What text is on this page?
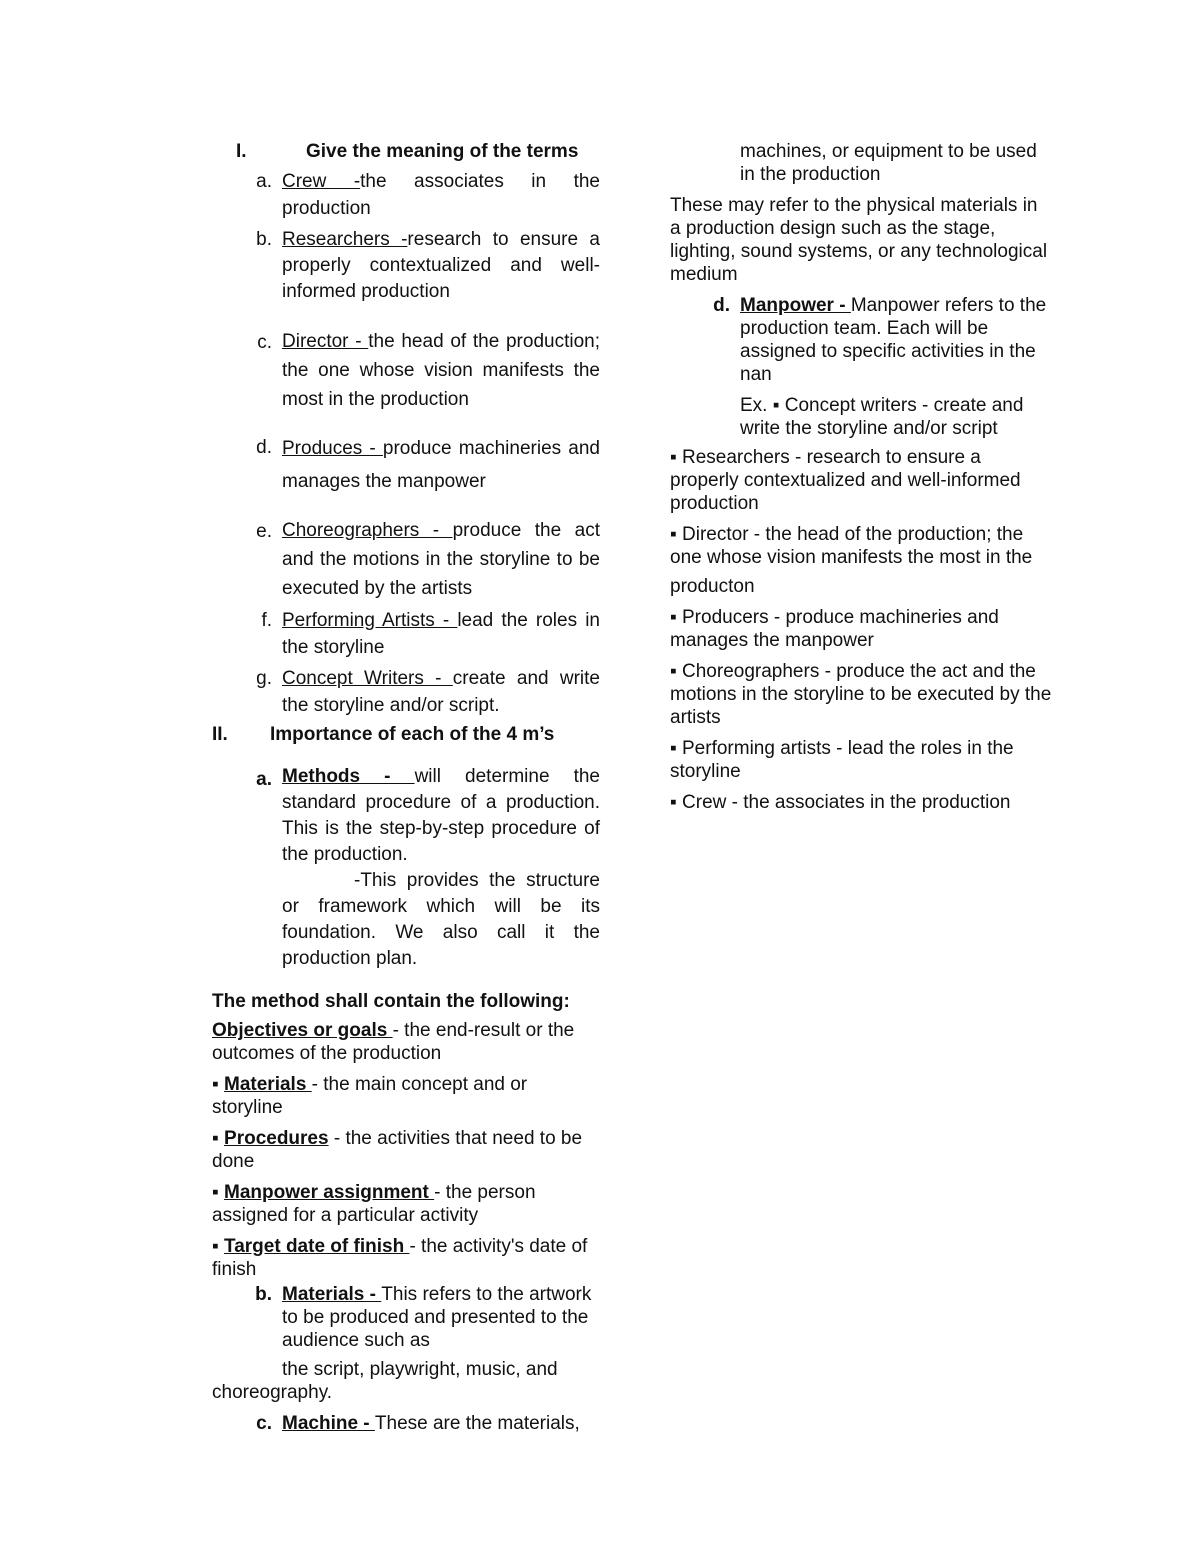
I.	Give the meaning of the terms
a. Crew -the associates in the production
b. Researchers -research to ensure a properly contextualized and well-informed production
c. Director - the head of the production; the one whose vision manifests the most in the production
d. Produces - produce machineries and manages the manpower
e. Choreographers - produce the act and the motions in the storyline to be executed by the artists
f. Performing Artists - lead the roles in the storyline
g. Concept Writers - create and write the storyline and/or script.
II.	Importance of each of the 4 m’s
a. Methods - will determine the standard procedure of a production. This is the step-by-step procedure of the production.
-This provides the structure or framework which will be its foundation. We also call it the production plan.

The method shall contain the following:

Objectives or goals - the end-result or the outcomes of the production

▪ Materials - the main concept and or storyline

▪ Procedures - the activities that need to be done

▪ Manpower assignment - the person assigned for a particular activity

▪ Target date of finish - the activity's date of finish

b. Materials - This refers to the artwork to be produced and presented to the audience such as

the script, playwright, music, and

choreography.

c. Machine - These are the materials,

machines, or equipment to be used in the production

These may refer to the physical materials in a production design such as the stage, lighting, sound systems, or any technological medium

d. Manpower - Manpower refers to the production team. Each will be assigned to specific activities in the nan

Ex. ▪ Concept writers - create and write the storyline and/or script

▪ Researchers - research to ensure a properly contextualized and well-informed production

▪ Director - the head of the production; the one whose vision manifests the most in the

producton

▪ Producers - produce machineries and manages the manpower

▪ Choreographers - produce the act and the motions in the storyline to be executed by the artists

▪ Performing artists - lead the roles in the storyline

▪ Crew - the associates in the production
